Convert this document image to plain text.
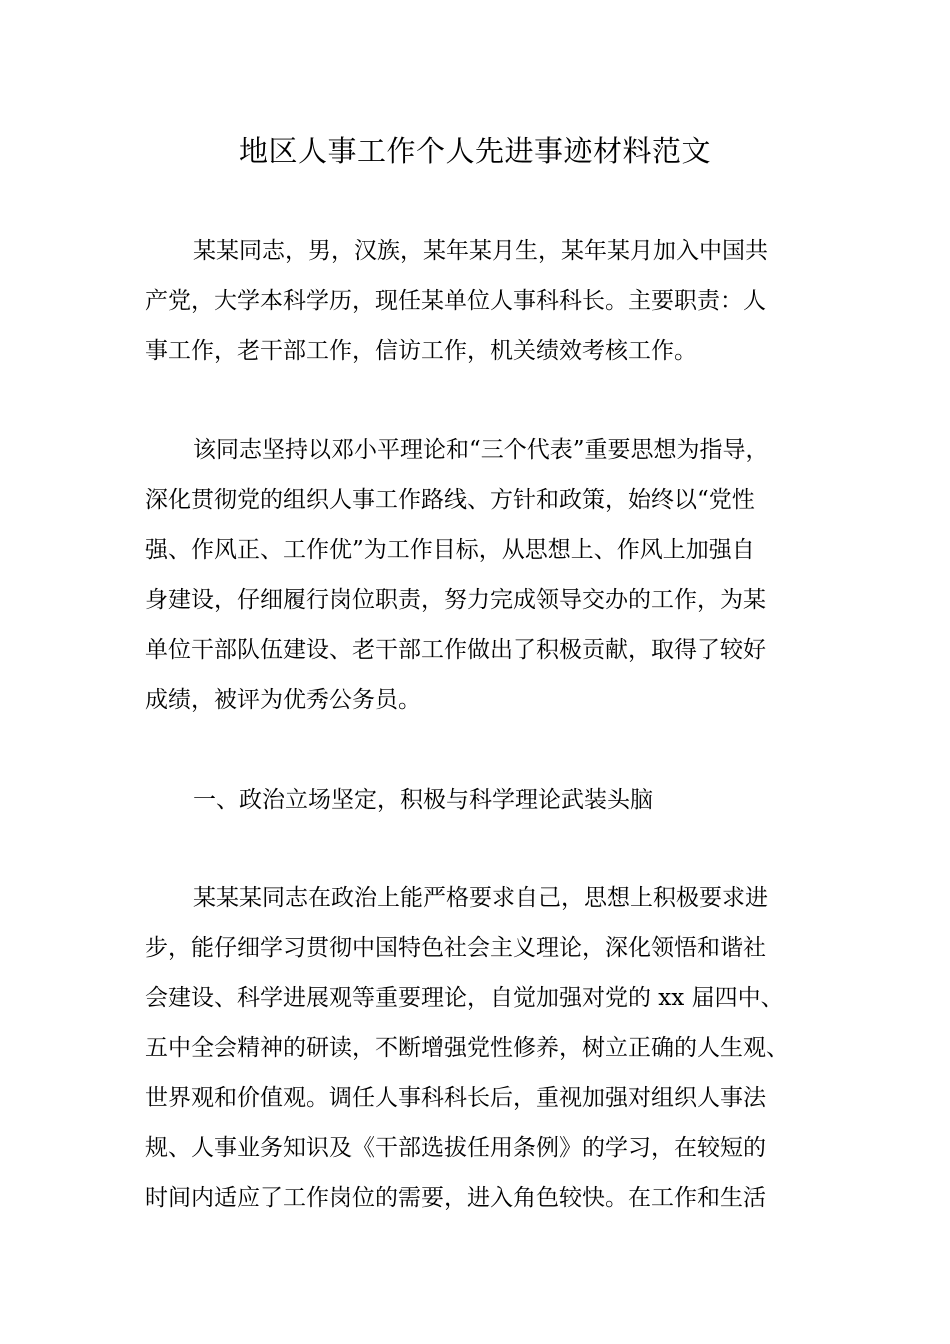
地区人事工作个人先进事迹材料范文
某某同志，男，汉族，某年某月生，某年某月加入中国共
产党，大学本科学历，现任某单位人事科科长。主要职责：人
事工作，老干部工作，信访工作，机关绩效考核工作。
该同志坚持以邓小平理论和“三个代表”重要思想为指导，
深化贯彻党的组织人事工作路线、方针和政策，始终以“党性
强、作风正、工作优”为工作目标，从思想上、作风上加强自
身建设，仔细履行岗位职责，努力完成领导交办的工作，为某
单位干部队伍建设、老干部工作做出了积极贡献，取得了较好
成绩，被评为优秀公务员。
一、政治立场坚定，积极与科学理论武装头脑
某某某同志在政治上能严格要求自己，思想上积极要求进
步，能仔细学习贯彻中国特色社会主义理论，深化领悟和谐社
会建设、科学进展观等重要理论，自觉加强对党的 xx 届四中、
五中全会精神的研读，不断增强党性修养，树立正确的人生观、
世界观和价值观。调任人事科科长后，重视加强对组织人事法
规、人事业务知识及《干部选拔任用条例》的学习，在较短的
时间内适应了工作岗位的需要，进入角色较快。在工作和生活
